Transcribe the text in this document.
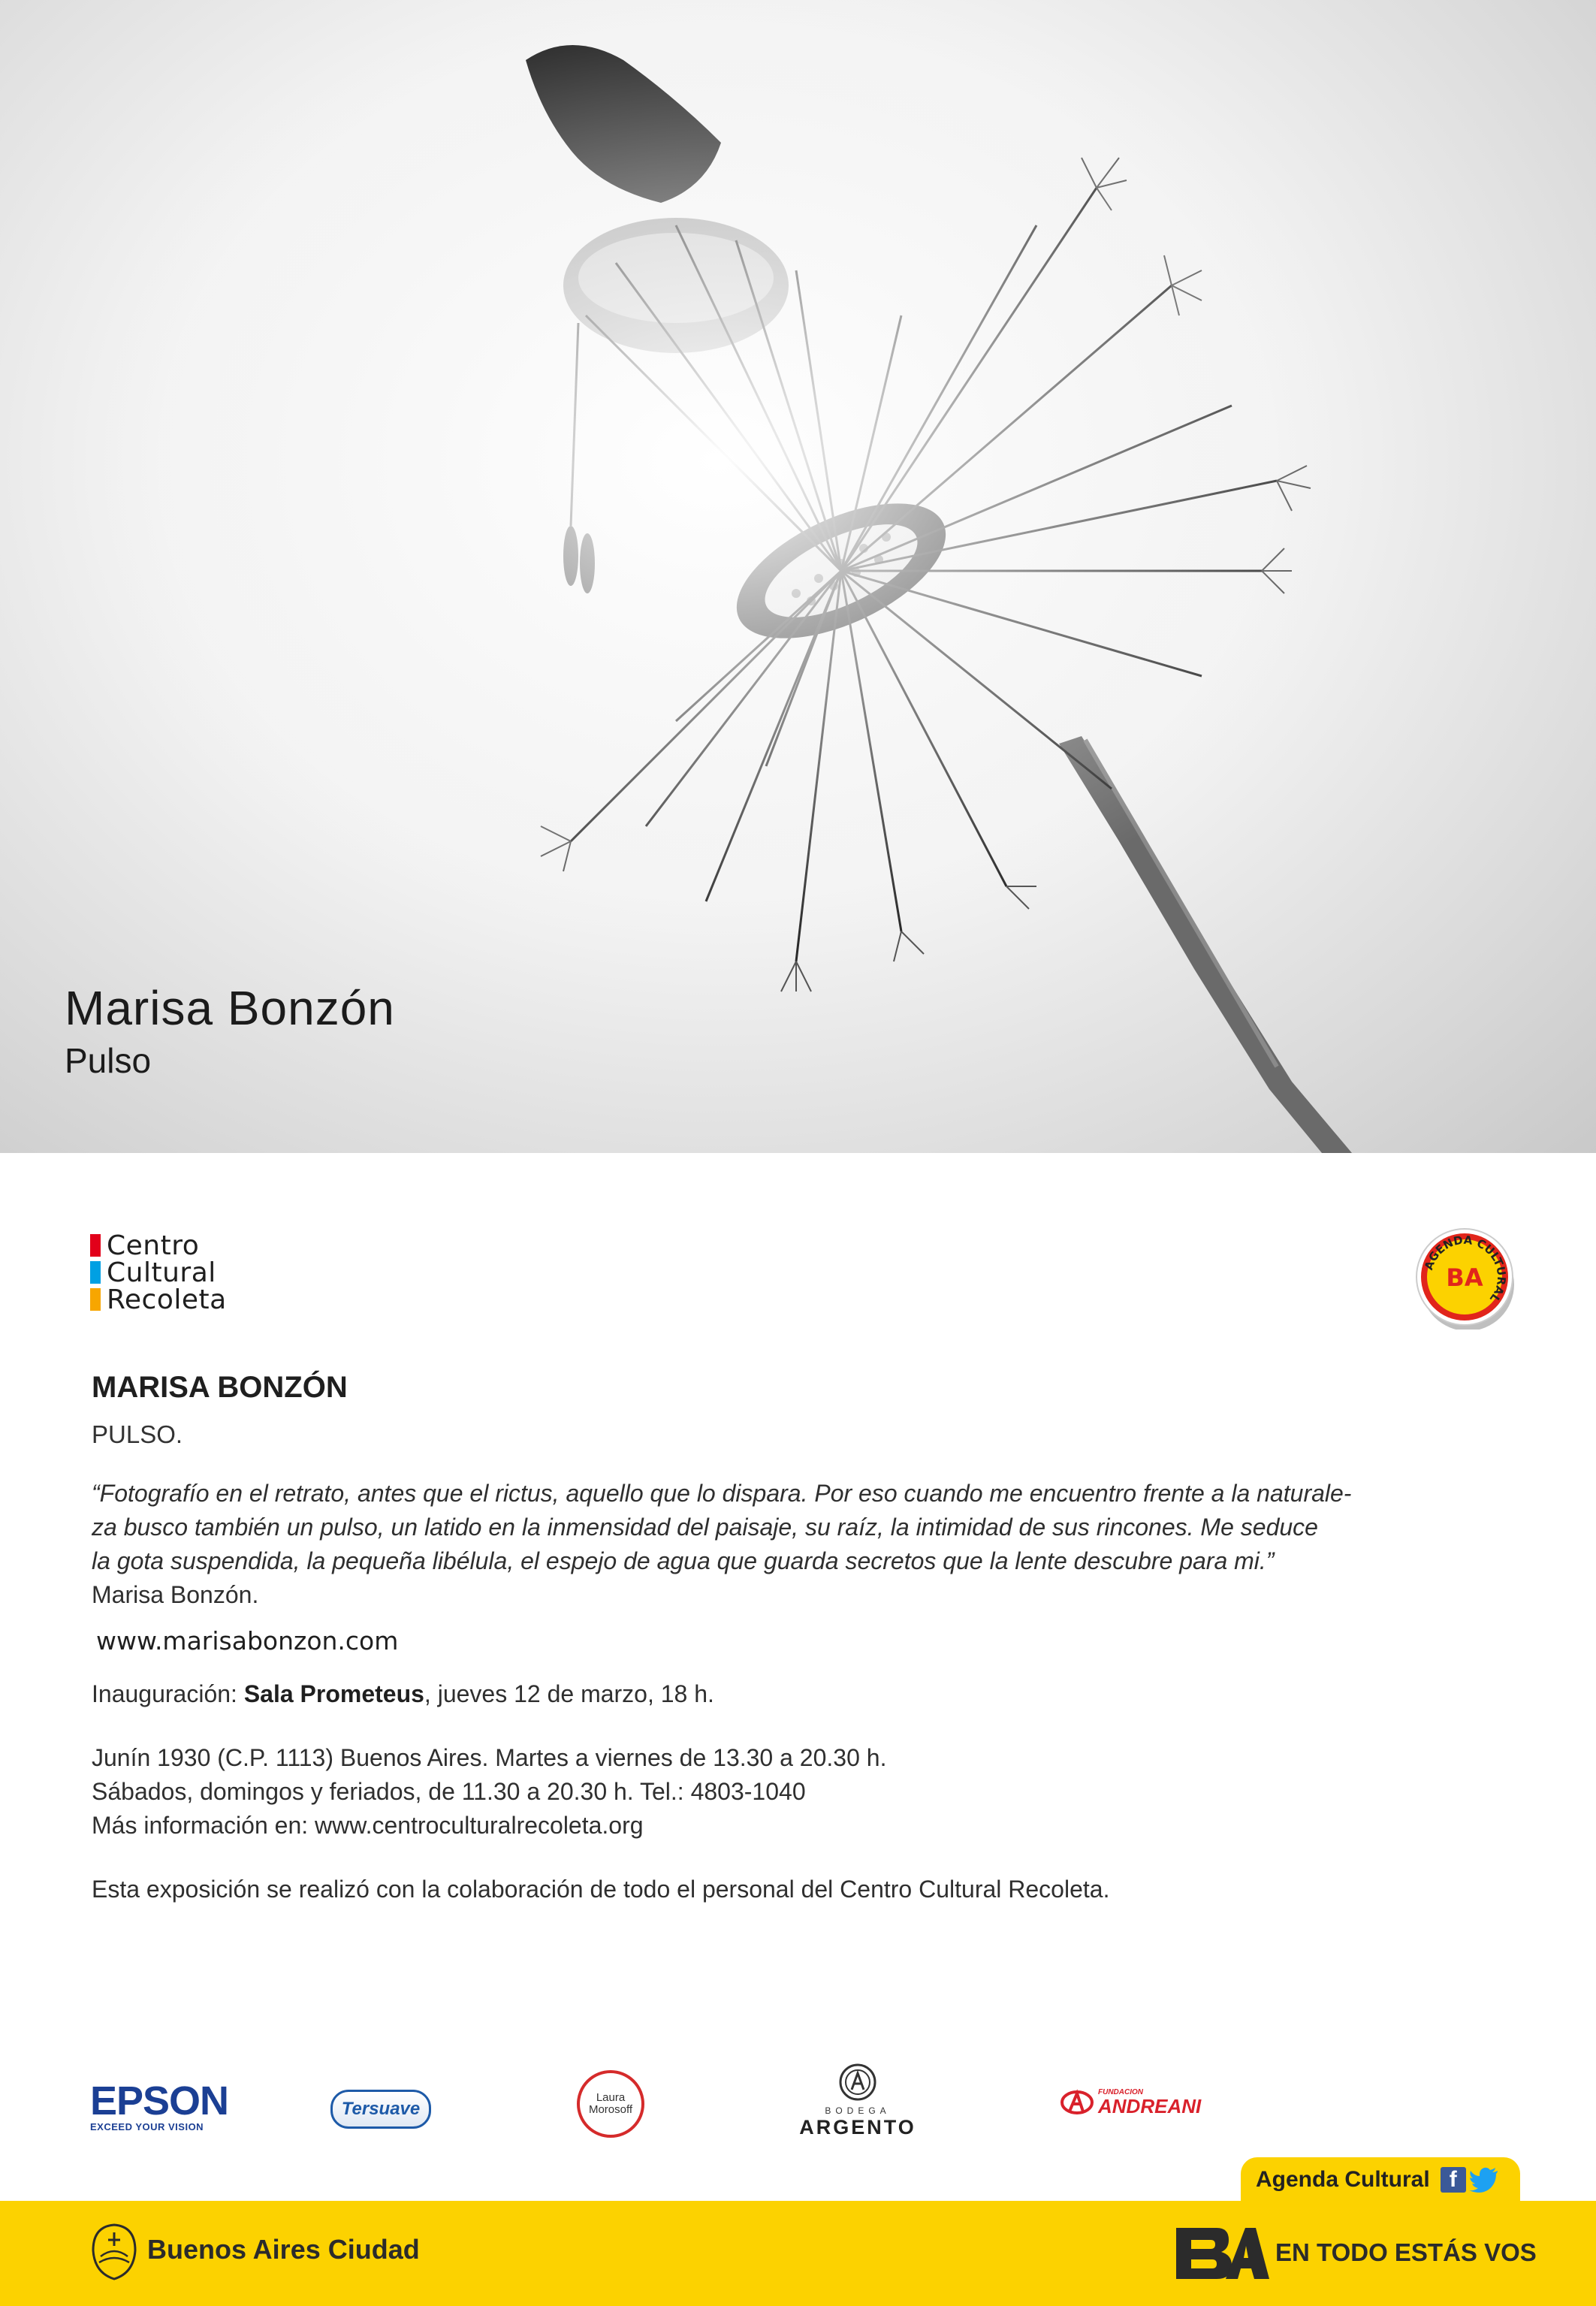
Marisa Bonzón
Pulso
Centro
Cultural
Recoleta
AGENDA CULTURAL
BA
MARISA BONZÓN
PULSO.
“Fotografío en el retrato, antes que el rictus, aquello que lo dispara. Por eso cuando me encuentro frente a la naturale-
za busco también un pulso, un latido en la inmensidad del paisaje, su raíz, la intimidad de sus rincones. Me seduce
la gota suspendida, la pequeña libélula, el espejo de agua que guarda secretos que la lente descubre para mi.”
Marisa Bonzón.
www.marisabonzon.com
Inauguración: Sala Prometeus, jueves 12 de marzo, 18 h.
Junín 1930 (C.P. 1113) Buenos Aires. Martes a viernes de 13.30 a 20.30 h.
Sábados, domingos y feriados, de 11.30 a 20.30 h. Tel.: 4803-1040
Más información en: www.centroculturalrecoleta.org
Esta exposición se realizó con la colaboración de todo el personal del Centro Cultural Recoleta.
EPSON
EXCEED YOUR VISION
Tersuave
Laura
Morosoff	BODEGA
ARGENTO
FUNDACION
ANDREANI
Agenda Cultural f
Buenos Aires Ciudad	EN TODO ESTÁS VOS
